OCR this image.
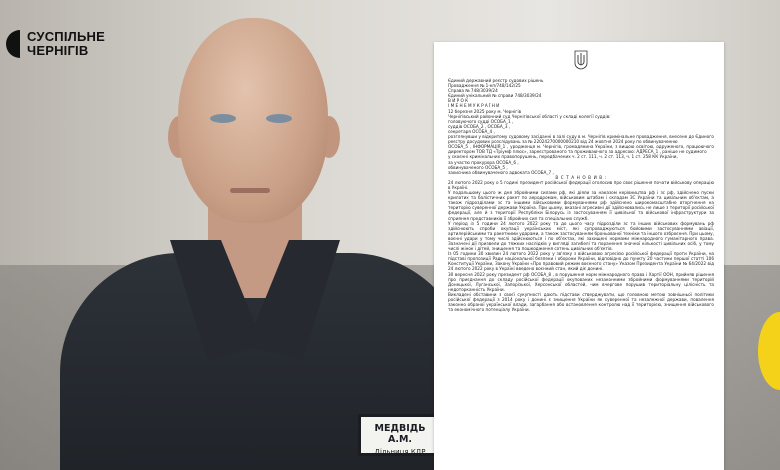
СУСПІЛЬНЕ
ЧЕРНІГІВ
МЕДВІДЬ А.М.
Дільниця КДР

Єдиний державний реєстр судових рішень

Провадження № 1-кп/748/142/25

Справа № 748/3039/24

Єдиний унікальний № справи 748/3039/24

В И Р О К

І М Е Н Е М У К Р А Ї Н И

12 березня 2025 року м. Чернігів

Чернігівський районний суд Чернігівської області у складі колегії суддів:

головуючого судді ОСОБА_1 ,

суддів ОСОБА_2 , ОСОБА_3 ,

секретаря ОСОБА_4 ,

розглянувши у відкритому судовому засіданні в залі суду в м. Чернігів кримінальне провадження, внесене до Єдиного реєстру досудових розслідувань за № 22024270000000210 від 24 жовтня 2024 року по обвинуваченню

ОСОБА_5 , ІНФОРМАЦІЯ_1 , уродженця м. Чернігів, громадянина України, з вищою освітою, одруженого, працюючого директором ТОВ ТД «Тріумф плюс», зареєстрованого та проживаючого за адресою: АДРЕСА_1 , раніше не судимого

у скоєнні кримінальних правопорушень, передбачених ч. 2 ст. 111, ч. 2 ст. 113, ч. 1 ст. 258 КК України,

за участю прокурора ОСОБА_6 ,

обвинуваченого ОСОБА_5 ,

захисника обвинуваченого адвоката ОСОБА_7 ,

В С Т А Н О В И В :

24 лютого 2022 року о 5 годині президент російської федерації оголосив про своє рішення почати військову операцію в Україні.

У подальшому цього ж дня збройними силами рф, які діяли за наказом керівництва рф і зс рф, здійснено пуски крилатих та балістичних ракет по аеродромам, військовим штабам і складам ЗС України та цивільним об'єктам, а також підрозділами зс та іншими військовими формуваннями рф здійснено широкомасштабне вторгнення на територію суверенної держави Україна. При цьому, вказані агресивні дії здійснювались не лише з території російської федерації, але й з території Республіки Білорусь із застосуванням її цивільної та військової інфраструктури за сприяння представників її збройних сил та спеціальних служб.

У період із 5 години 24 лютого 2022 року та до цього часу підрозділи зс та інших військових формувань рф здійснюють спроби окупації українських міст, які супроводжуються бойовими застосуваннями авіації, артилерійськими та ракетними ударами, а також застосуванням броньованої техніки та іншого озброєння. При цьому, воєнні удари у тому числі здійснюються і по об'єктах, які захищені нормами міжнародного гуманітарного права. Зазначені дії призвели до тяжких наслідків у вигляді загибелі та поранення значної кількості цивільних осіб, у тому числі жінок і дітей, знищення та пошкодження сотень цивільних об'єктів.

Із 05 години 30 хвилин 24 лютого 2022 року у зв'язку з військовою агресією російської федерації проти України, на підставі пропозиції Ради національної безпеки і оборони України, відповідно до пункту 20 частини першої статті 106 Конституції України, Закону України «Про правовий режим воєнного стану» Указом Президента України № 64/2022 від 24 лютого 2022 року в Україні введено воєнний стан, який діє донині.

30 вересня 2022 року президент рф ОСОБА_8 , в порушення норм міжнародного права і Хартії ООН, прийняв рішення про приєднання до складу російської федерації окупованих незаконними збройними формуваннями територій Донецької, Луганської, Запорізької, Херсонської областей, чим вчергове порушив територіальну цілісність та недоторканність України.

Викладені обставини з своєї сукупності дають підстави стверджувати, що головною метою зовнішньої політики російської федерації з 2014 року і донині є знищення України як суверенної та незалежної держави, повалення законно обраної української влади, загарбання або встановлення контролю над її територією, знищення військового та економічного потенціалу України.
